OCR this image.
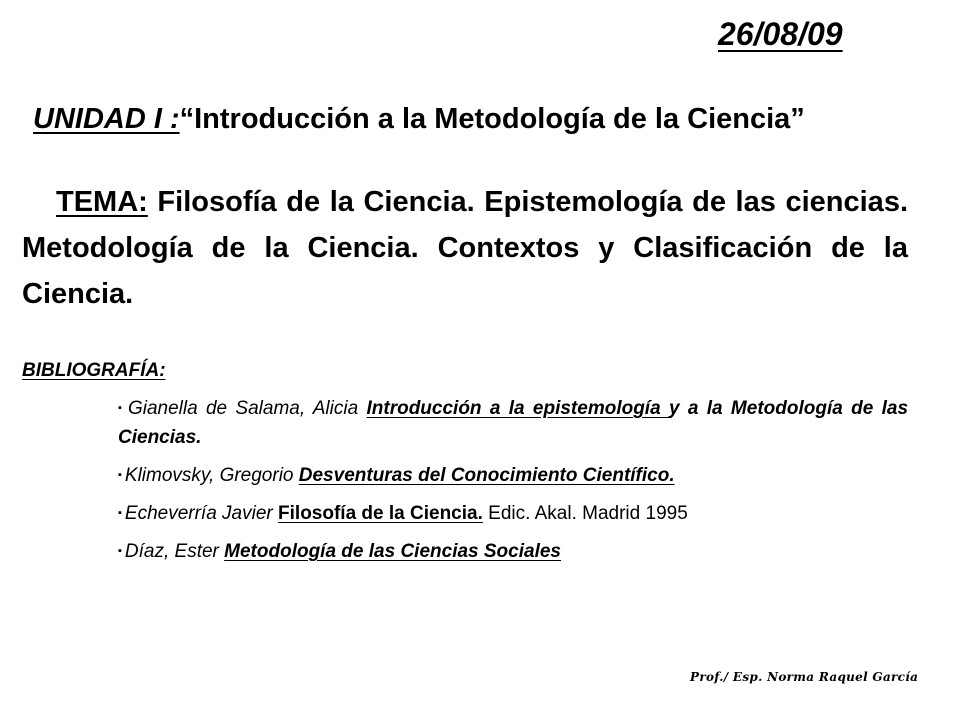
26/08/09
UNIDAD I :“Introducción a la Metodología de la Ciencia”
TEMA: Filosofía de la Ciencia. Epistemología de las ciencias. Metodología de la Ciencia. Contextos y Clasificación de la Ciencia.
BIBLIOGRAFÍA:
▪ Gianella de Salama, Alicia Introducción a la epistemología y a la Metodología de las Ciencias.
▪ Klimovsky, Gregorio Desventuras del Conocimiento Científico.
▪ Echeverría Javier Filosofía de la Ciencia. Edic. Akal. Madrid 1995
▪ Díaz, Ester Metodología de las Ciencias Sociales
Prof./ Esp. Norma Raquel García
